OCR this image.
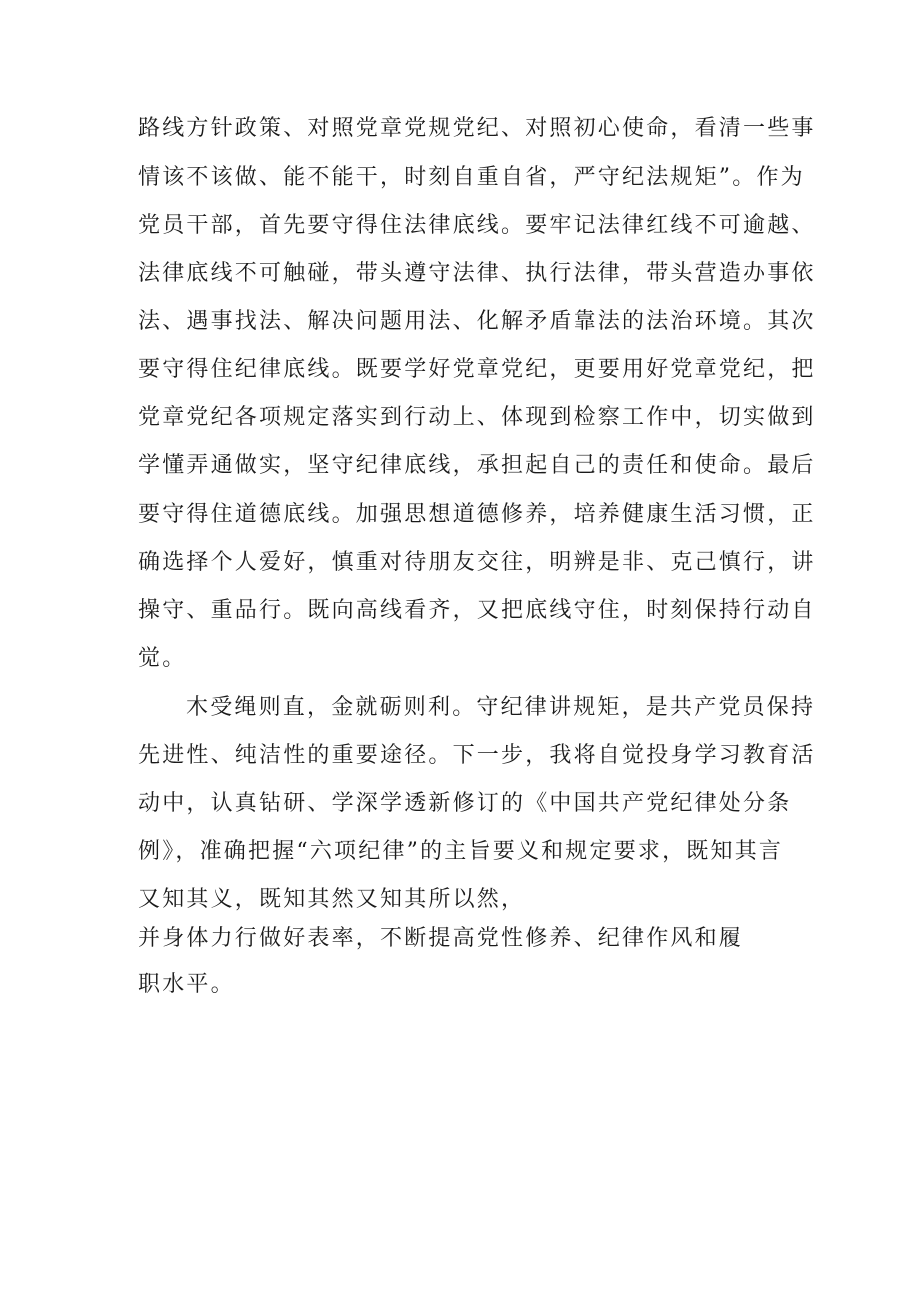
路线方针政策、对照党章党规党纪、对照初心使命，看清一些事
情该不该做、能不能干，时刻自重自省，严守纪法规矩”。作为
党员干部，首先要守得住法律底线。要牢记法律红线不可逾越、
法律底线不可触碰，带头遵守法律、执行法律，带头营造办事依
法、遇事找法、解决问题用法、化解矛盾靠法的法治环境。其次
要守得住纪律底线。既要学好党章党纪，更要用好党章党纪，把
党章党纪各项规定落实到行动上、体现到检察工作中，切实做到
学懂弄通做实，坚守纪律底线，承担起自己的责任和使命。最后
要守得住道德底线。加强思想道德修养，培养健康生活习惯，正
确选择个人爱好，慎重对待朋友交往，明辨是非、克己慎行，讲
操守、重品行。既向高线看齐，又把底线守住，时刻保持行动自
觉。
木受绳则直，金就砺则利。守纪律讲规矩，是共产党员保持
先进性、纯洁性的重要途径。下一步，我将自觉投身学习教育活
动中，认真钻研、学深学透新修订的《中国共产党纪律处分条
例》，准确把握“六项纪律”的主旨要义和规定要求，既知其言
又知其义，既知其然又知其所以然，
并身体力行做好表率，不断提高党性修养、纪律作风和履
职水平。
